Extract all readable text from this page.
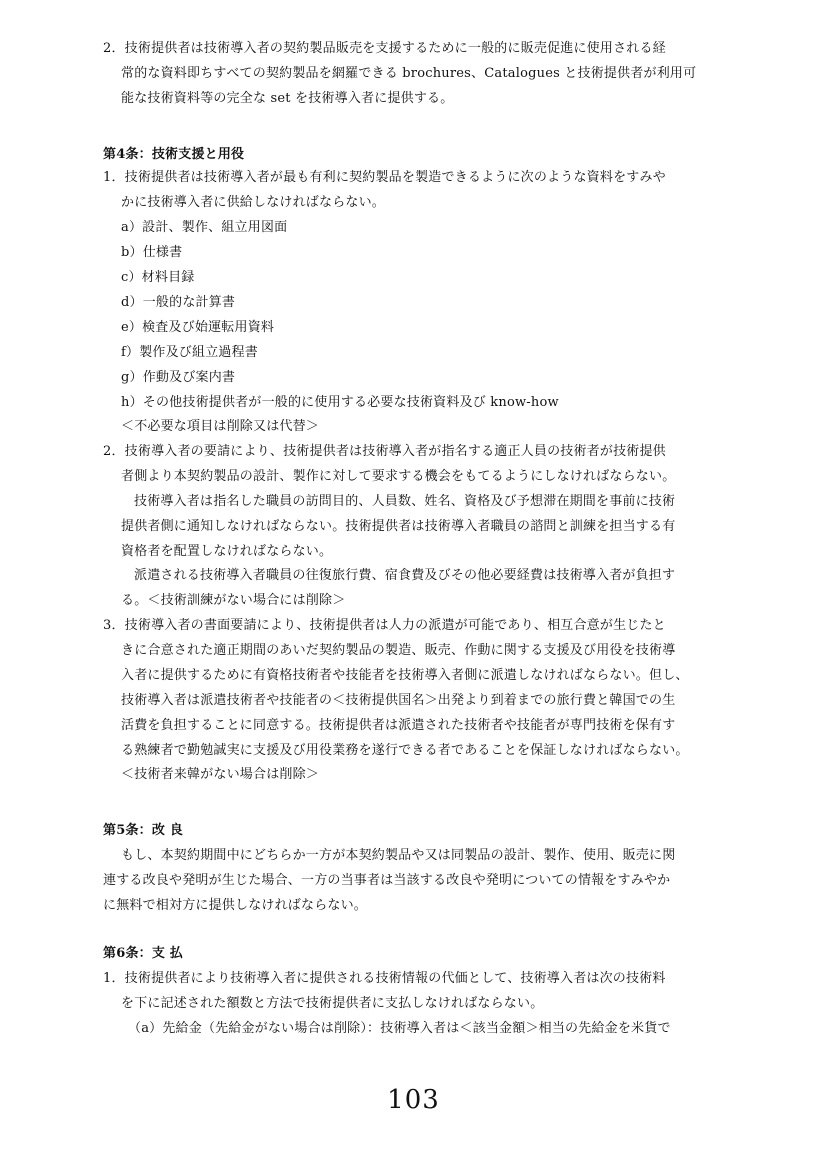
2．技術提供者は技術導入者の契約製品販売を支援するために一般的に販売促進に使用される経
常的な資料即ちすべての契約製品を網羅できる brochures、Catalogues と技術提供者が利用可
能な技術資料等の完全な set を技術導入者に提供する。
第4条：技術支援と用役
1．技術提供者は技術導入者が最も有利に契約製品を製造できるように次のような資料をすみや
かに技術導入者に供給しなければならない。
a）設計、製作、組立用図面
b）仕様書
c）材料目録
d）一般的な計算書
e）検査及び始運転用資料
f）製作及び組立過程書
g）作動及び案内書
h）その他技術提供者が一般的に使用する必要な技術資料及び know-how
＜不必要な項目は削除又は代替＞
2．技術導入者の要請により、技術提供者は技術導入者が指名する適正人員の技術者が技術提供
者側より本契約製品の設計、製作に対して要求する機会をもてるようにしなければならない。
技術導入者は指名した職員の訪問目的、人員数、姓名、資格及び予想滞在期間を事前に技術
提供者側に通知しなければならない。技術提供者は技術導入者職員の諮問と訓練を担当する有
資格者を配置しなければならない。
派遣される技術導入者職員の往復旅行費、宿食費及びその他必要経費は技術導入者が負担す
る。＜技術訓練がない場合には削除＞
3．技術導入者の書面要請により、技術提供者は人力の派遣が可能であり、相互合意が生じたと
きに合意された適正期間のあいだ契約製品の製造、販売、作動に関する支援及び用役を技術導
入者に提供するために有資格技術者や技能者を技術導入者側に派遣しなければならない。但し、
技術導入者は派遣技術者や技能者の＜技術提供国名＞出発より到着までの旅行費と韓国での生
活費を負担することに同意する。技術提供者は派遣された技術者や技能者が専門技術を保有す
る熟練者で勤勉誠実に支援及び用役業務を遂行できる者であることを保証しなければならない。
＜技術者来韓がない場合は削除＞
第5条：改 良
もし、本契約期間中にどちらか一方が本契約製品や又は同製品の設計、製作、使用、販売に関
連する改良や発明が生じた場合、一方の当事者は当該する改良や発明についての情報をすみやか
に無料で相対方に提供しなければならない。
第6条：支 払
1．技術提供者により技術導入者に提供される技術情報の代価として、技術導入者は次の技術料
を下に記述された額数と方法で技術提供者に支払しなければならない。
（a）先給金（先給金がない場合は削除）：技術導入者は＜該当金額＞相当の先給金を米貨で
103
